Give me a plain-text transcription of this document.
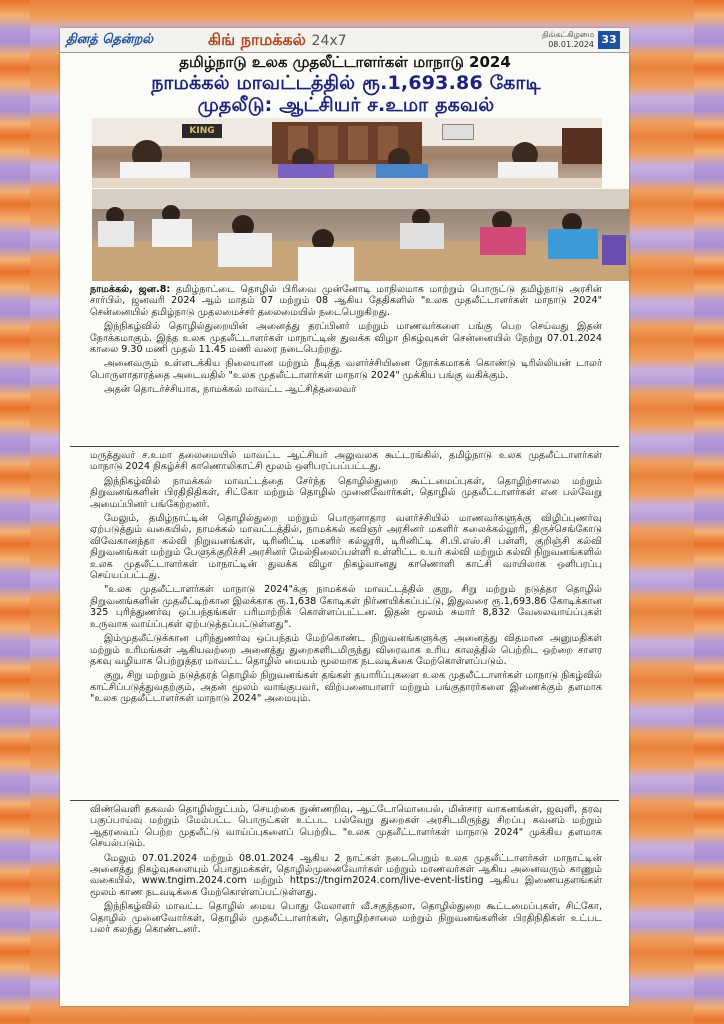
தினத் தென்றல்	கிங் நாமக்கல் 24x7	திங்கட்கிழமை
08.01.2024 33
தமிழ்நாடு உலக முதலீட்டாளர்கள் மாநாடு 2024
நாமக்கல் மாவட்டத்தில் ரூ.1,693.86 கோடி
முதலீடு: ஆட்சியர் ச.உமா தகவல்
KING

நாமக்கல், ஜன.8: தமிழ்நாட்டை தொழில் பிரிவை முன்னோடி மாநிலமாக மாற்றும் பொருட்டு தமிழ்நாடு அரசின் சார்பில், ஜனவரி 2024 ஆம் மாதம் 07 மற்றும் 08 ஆகிய தேதிகளில் "உலக முதலீட்டாளர்கள் மாநாடு 2024" சென்னையில் தமிழ்நாடு முதலமைச்சர் தலைமையில் நடைபெறுகிறது.

இந்நிகழ்வில் தொழில்துறையின் அனைத்து தரப்பினர் மற்றும் மாணவர்களை பங்கு பெற செய்வது இதன் நோக்கமாகும். இந்த உலக முதலீட்டாளர்கள் மாநாட்டின் துவக்க விழா நிகழ்வுகள் சென்னையில் நேற்று 07.01.2024 காலை 9.30 மணி முதல் 11.45 மணி வரை நடைபெற்றது.

அனைவரும் உள்ளடக்கிய நிலையான மற்றும் நீடித்த வளர்ச்சியினை நோக்கமாகக் கொண்டு டிரில்லியன் டாலர் பொருளாதாரத்தை அடைவதில் "உலக முதலீட்டாளர்கள் மாநாடு 2024" முக்கிய பங்கு வகிக்கும்.

அதன் தொடர்ச்சியாக, நாமக்கல் மாவட்ட ஆட்சித்தலைவர்

மருத்துவர் ச.உமா தலைமையில் மாவட்ட ஆட்சியர் அலுவலக கூட்டரங்கில், தமிழ்நாடு உலக முதலீட்டாளர்கள் மாநாடு 2024 நிகழ்ச்சி காணொலிகாட்சி மூலம் ஒளிபரப்பப்பட்டது.

இந்நிகழ்வில் நாமக்கல் மாவட்டத்தை சேர்ந்த தொழில்துறை கூட்டமைப்புகள், தொழிற்சாலை மற்றும் நிறுவனங்களின் பிரதிநிதிகள், சிட்கோ மற்றும் தொழில் முனைவோர்கள், தொழில் முதலீட்டாளர்கள் என பல்வேறு அமைப்பினர் பங்கேற்றனர்.

மேலும், தமிழ்நாட்டின் தொழில்துறை மற்றும் பொருளாதார வளர்ச்சியில் மாணவர்களுக்கு விழிப்புணர்வு ஏற்படுத்தும் வகையில், நாமக்கல் மாவட்டத்தில், நாமக்கல் கவிஞர் அரசினர் மகளிர் கலைக்கல்லூரி, திருச்செங்கோடு விவேகானந்தா கல்வி நிறுவனங்கள், டிரினிட்டி மகளிர் கல்லூரி, டிரினிட்டி சி.பி.எஸ்.சி பள்ளி, குறிஞ்சி கல்வி நிறுவனங்கள் மற்றும் பேளுக்குறிச்சி அரசினர் மேல்நிலைப்பள்ளி உள்ளிட்ட உயர் கல்வி மற்றும் கல்வி நிறுவனங்களில் உலக முதலீட்டாளர்கள் மாநாட்டின் துவக்க விழா நிகழ்வானது காணொளி காட்சி வாயிலாக ஒளிபரப்பு செய்யப்பட்டது.

"உலக முதலீட்டாளர்கள் மாநாடு 2024"க்கு நாமக்கல் மாவட்டத்தில் குறு, சிறு மற்றும் நடுத்தர தொழில் நிறுவனங்களின் முதலீட்டிற்கான இலக்காக ரூ.1,638 கோடிகள் நிர்ணயிக்கப்பட்டு, இதுவரை ரூ.1,693.86 கோடிக்கான 325 புரிந்துணர்வு ஒப்பந்தங்கள் பரிமாற்றிக் கொள்ளப்பட்டன. இதன் மூலம் சுமார் 8,832 வேலைவாய்ப்புகள் உருவாக வாய்ப்புகள் ஏற்படுத்தப்பட்டுள்ளது".

இம்முதலீட்டுக்கான புரிந்துணர்வு ஒப்பந்தம் மேற்கொண்ட நிறுவனங்களுக்கு அனைத்து விதமான அனுமதிகள் மற்றும் உரிமங்கள் ஆகியவற்றை அனைத்து துறைகளிடமிருந்து விரைவாக உரிய காலத்தில் பெற்றிட ஒற்றை சாளர தகவு வழியாக பெற்றுத்தர மாவட்ட தொழில் மையம் மூலமாக நடவடிக்கை மேற்கொள்ளப்படும்.

குறு, சிறு மற்றும் நடுத்தரத் தொழில் நிறுவனங்கள் தங்கள் தயாரிப்புகளை உலக முதலீட்டாளர்கள் மாநாடு நிகழ்வில் காட்சிப்படுத்துவதற்கும், அதன் மூலம் வாங்குபவர், விற்பனையாளர் மற்றும் பங்குதாரர்களை இணைக்கும் தளமாக "உலக முதலீட்டாளர்கள் மாநாடு 2024" அமையும்.

விண்வெளி தகவல் தொழில்நுட்பம், செயற்கை நுண்ணறிவு, ஆட்டோமொபைல், மின்சார வாகனங்கள், ஜவுளி, தரவு பகுப்பாய்வு மற்றும் மேம்பட்ட பொருட்கள் உட்பட பல்வேறு துறைகள் அரசிடமிருந்து சிறப்பு கவனம் மற்றும் ஆதரவைப் பெற்ற முதலீட்டு வாய்ப்புகளைப் பெற்றிட "உலக முதலீட்டாளர்கள் மாநாடு 2024" முக்கிய தளமாக செயல்படும்.

மேலும் 07.01.2024 மற்றும் 08.01.2024 ஆகிய 2 நாட்கள் நடைபெறும் உலக முதலீட்டாளர்கள் மாநாட்டின் அனைத்து நிகழ்வுகளையும் பொதுமக்கள், தொழில்முனைவோர்கள் மற்றும் மாணவர்கள் ஆகிய அனைவரும் காணும் வகையில், www.tngim.2024.com மற்றும் https://tngim2024.com/live-event-listing ஆகிய இணையதளங்கள் மூலம் காண நடவடிக்கை மேற்கொள்ளப்பட்டுள்ளது.

இந்நிகழ்வில் மாவட்ட தொழில் மைய பொது மேலாளர் வீ.சகுந்தலா, தொழில்துறை கூட்டமைப்புகள், சிட்கோ, தொழில் முனைவோர்கள், தொழில் முதலீட்டாளர்கள், தொழிற்சாலை மற்றும் நிறுவனங்களின் பிரதிநிதிகள் உட்பட பலர் கலந்து கொண்டனர்.
